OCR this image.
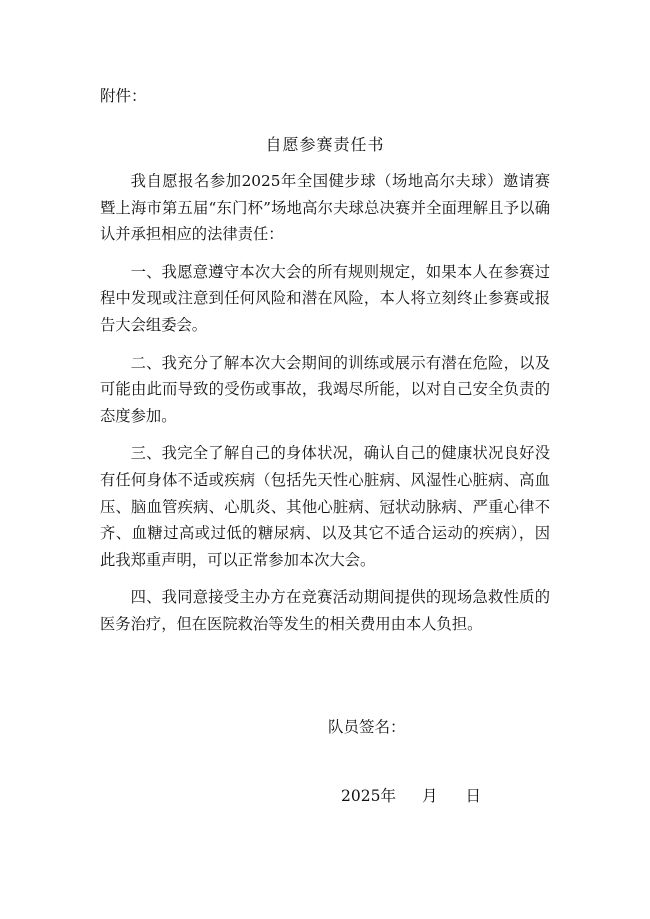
附件：

自愿参赛责任书

我自愿报名参加2025年全国健步球（场地高尔夫球）邀请赛暨上海市第五届“东门杯”场地高尔夫球总决赛并全面理解且予以确认并承担相应的法律责任：

一、我愿意遵守本次大会的所有规则规定，如果本人在参赛过程中发现或注意到任何风险和潜在风险，本人将立刻终止参赛或报告大会组委会。

二、我充分了解本次大会期间的训练或展示有潜在危险，以及可能由此而导致的受伤或事故，我竭尽所能，以对自己安全负责的态度参加。

三、我完全了解自己的身体状况，确认自己的健康状况良好没有任何身体不适或疾病（包括先天性心脏病、风湿性心脏病、高血压、脑血管疾病、心肌炎、其他心脏病、冠状动脉病、严重心律不齐、血糖过高或过低的糖尿病、以及其它不适合运动的疾病），因此我郑重声明，可以正常参加本次大会。

四、我同意接受主办方在竞赛活动期间提供的现场急救性质的医务治疗，但在医院救治等发生的相关费用由本人负担。

队员签名：

2025年 月 日
